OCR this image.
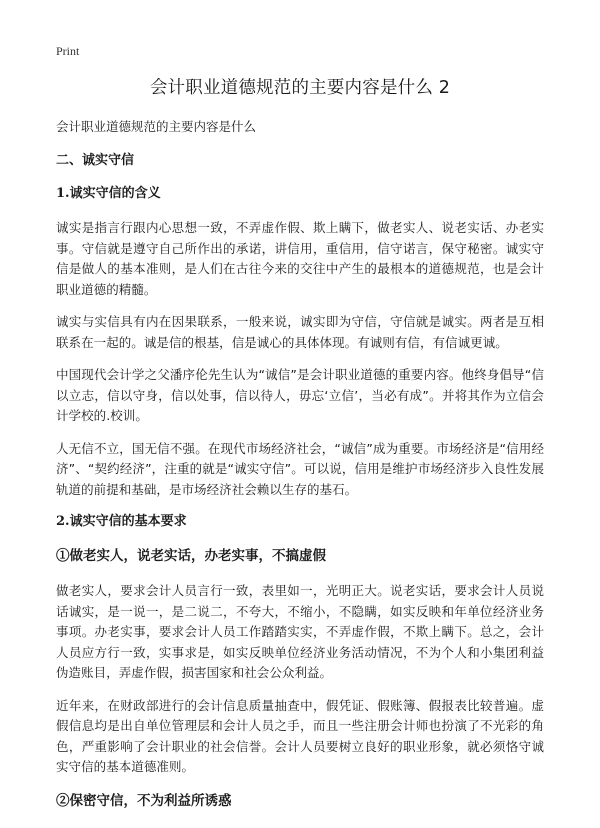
Print
会计职业道德规范的主要内容是什么 2
会计职业道德规范的主要内容是什么
二、诚实守信
1.诚实守信的含义

诚实是指言行跟内心思想一致，不弄虚作假、欺上瞒下，做老实人、说老实话、办老实事。守信就是遵守自己所作出的承诺，讲信用，重信用，信守诺言，保守秘密。诚实守信是做人的基本准则，是人们在古往今来的交往中产生的最根本的道德规范，也是会计职业道德的精髓。

诚实与实信具有内在因果联系，一般来说，诚实即为守信，守信就是诚实。两者是互相联系在一起的。诚是信的根基，信是诚心的具体体现。有诚则有信，有信诚更诚。

中国现代会计学之父潘序伦先生认为“诚信”是会计职业道德的重要内容。他终身倡导“信以立志，信以守身，信以处事，信以待人，毋忘‘立信’，当必有成”。并将其作为立信会计学校的.校训。

人无信不立，国无信不强。在现代市场经济社会，“诚信”成为重要。市场经济是“信用经济”、“契约经济”，注重的就是“诚实守信”。可以说，信用是维护市场经济步入良性发展轨道的前提和基础，是市场经济社会赖以生存的基石。

2.诚实守信的基本要求
①做老实人，说老实话，办老实事，不搞虚假

做老实人，要求会计人员言行一致，表里如一，光明正大。说老实话，要求会计人员说话诚实，是一说一，是二说二，不夸大，不缩小，不隐瞒，如实反映和年单位经济业务事项。办老实事，要求会计人员工作踏踏实实，不弄虚作假，不欺上瞒下。总之，会计人员应方行一致，实事求是，如实反映单位经济业务活动情况，不为个人和小集团利益伪造账目，弄虚作假，损害国家和社会公众利益。

近年来，在财政部进行的会计信息质量抽查中，假凭证、假账簿、假报表比较普遍。虚假信息均是出自单位管理层和会计人员之手，而且一些注册会计师也扮演了不光彩的角色，严重影响了会计职业的社会信誉。会计人员要树立良好的职业形象，就必须恪守诚实守信的基本道德准则。

②保密守信，不为利益所诱惑
